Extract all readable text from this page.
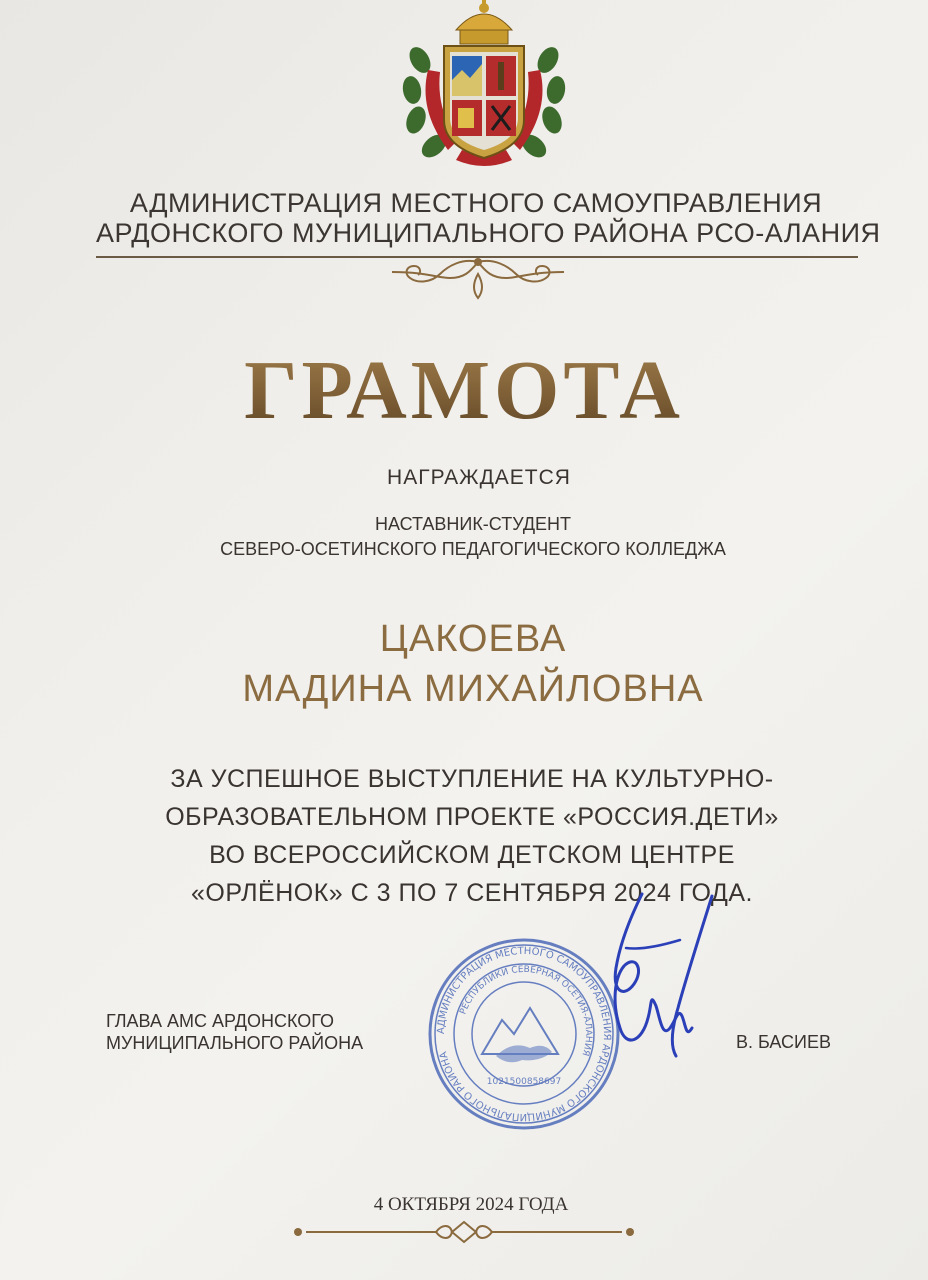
АДМИНИСТРАЦИЯ МЕСТНОГО САМОУПРАВЛЕНИЯ
АРДОНСКОГО МУНИЦИПАЛЬНОГО РАЙОНА РСО-АЛАНИЯ
ГРАМОТА
НАГРАЖДАЕТСЯ
НАСТАВНИК-СТУДЕНТ
СЕВЕРО-ОСЕТИНСКОГО ПЕДАГОГИЧЕСКОГО КОЛЛЕДЖА
ЦАКОЕВА
МАДИНА МИХАЙЛОВНА
ЗА УСПЕШНОЕ ВЫСТУПЛЕНИЕ НА КУЛЬТУРНО-
ОБРАЗОВАТЕЛЬНОМ ПРОЕКТЕ «РОССИЯ.ДЕТИ»
ВО ВСЕРОССИЙСКОМ ДЕТСКОМ ЦЕНТРЕ
«ОРЛЁНОК» С 3 ПО 7 СЕНТЯБРЯ 2024 ГОДА.
ГЛАВА АМС АРДОНСКОГО
МУНИЦИПАЛЬНОГО РАЙОНА
АДМИНИСТРАЦИЯ МЕСТНОГО САМОУПРАВЛЕНИЯ АРДОНСКОГО МУНИЦИПАЛЬНОГО РАЙОНА
РЕСПУБЛИКИ СЕВЕРНАЯ ОСЕТИЯ-АЛАНИЯ
1021500858697
В. БАСИЕВ
4 ОКТЯБРЯ 2024 ГОДА
